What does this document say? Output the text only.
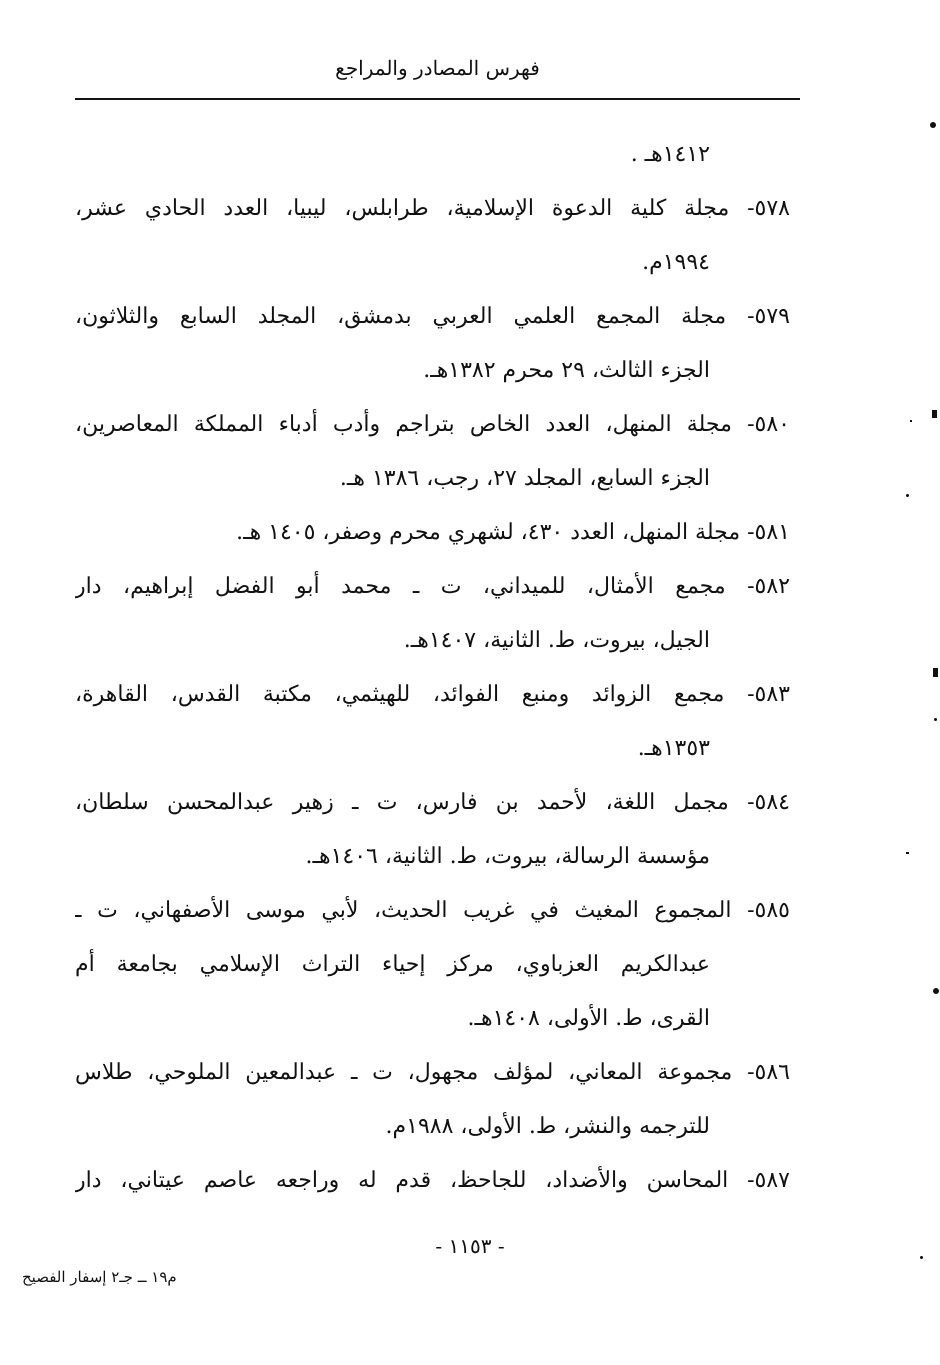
فهرس المصادر والمراجع
١٤١٢هـ .
٥٧٨- مجلة كلية الدعوة الإسلامية، طرابلس، ليبيا، العدد الحادي عشر،
١٩٩٤م.
٥٧٩- مجلة المجمع العلمي العربي بدمشق، المجلد السابع والثلاثون،
الجزء الثالث، ٢٩ محرم ١٣٨٢هـ.
٥٨٠- مجلة المنهل، العدد الخاص بتراجم وأدب أدباء المملكة المعاصرين،
الجزء السابع، المجلد ٢٧، رجب، ١٣٨٦ هـ.
٥٨١- مجلة المنهل، العدد ٤٣٠، لشهري محرم وصفر، ١٤٠٥ هـ.
٥٨٢- مجمع الأمثال، للميداني، ت ـ محمد أبو الفضل إبراهيم، دار
الجيل، بيروت، ط. الثانية، ١٤٠٧هـ.
٥٨٣- مجمع الزوائد ومنبع الفوائد، للهيثمي، مكتبة القدس، القاهرة،
١٣٥٣هـ.
٥٨٤- مجمل اللغة، لأحمد بن فارس، ت ـ زهير عبدالمحسن سلطان،
مؤسسة الرسالة، بيروت، ط. الثانية، ١٤٠٦هـ.
٥٨٥- المجموع المغيث في غريب الحديث، لأبي موسى الأصفهاني، ت ـ
عبدالكريم العزباوي، مركز إحياء التراث الإسلامي بجامعة أم
القرى، ط. الأولى، ١٤٠٨هـ.
٥٨٦- مجموعة المعاني، لمؤلف مجهول، ت ـ عبدالمعين الملوحي، طلاس
للترجمه والنشر، ط. الأولى، ١٩٨٨م.
٥٨٧- المحاسن والأضداد، للجاحظ، قدم له وراجعه عاصم عيتاني، دار
- ١١٥٣ -
م١٩ ــ جـ٢ إسفار الفصيح
